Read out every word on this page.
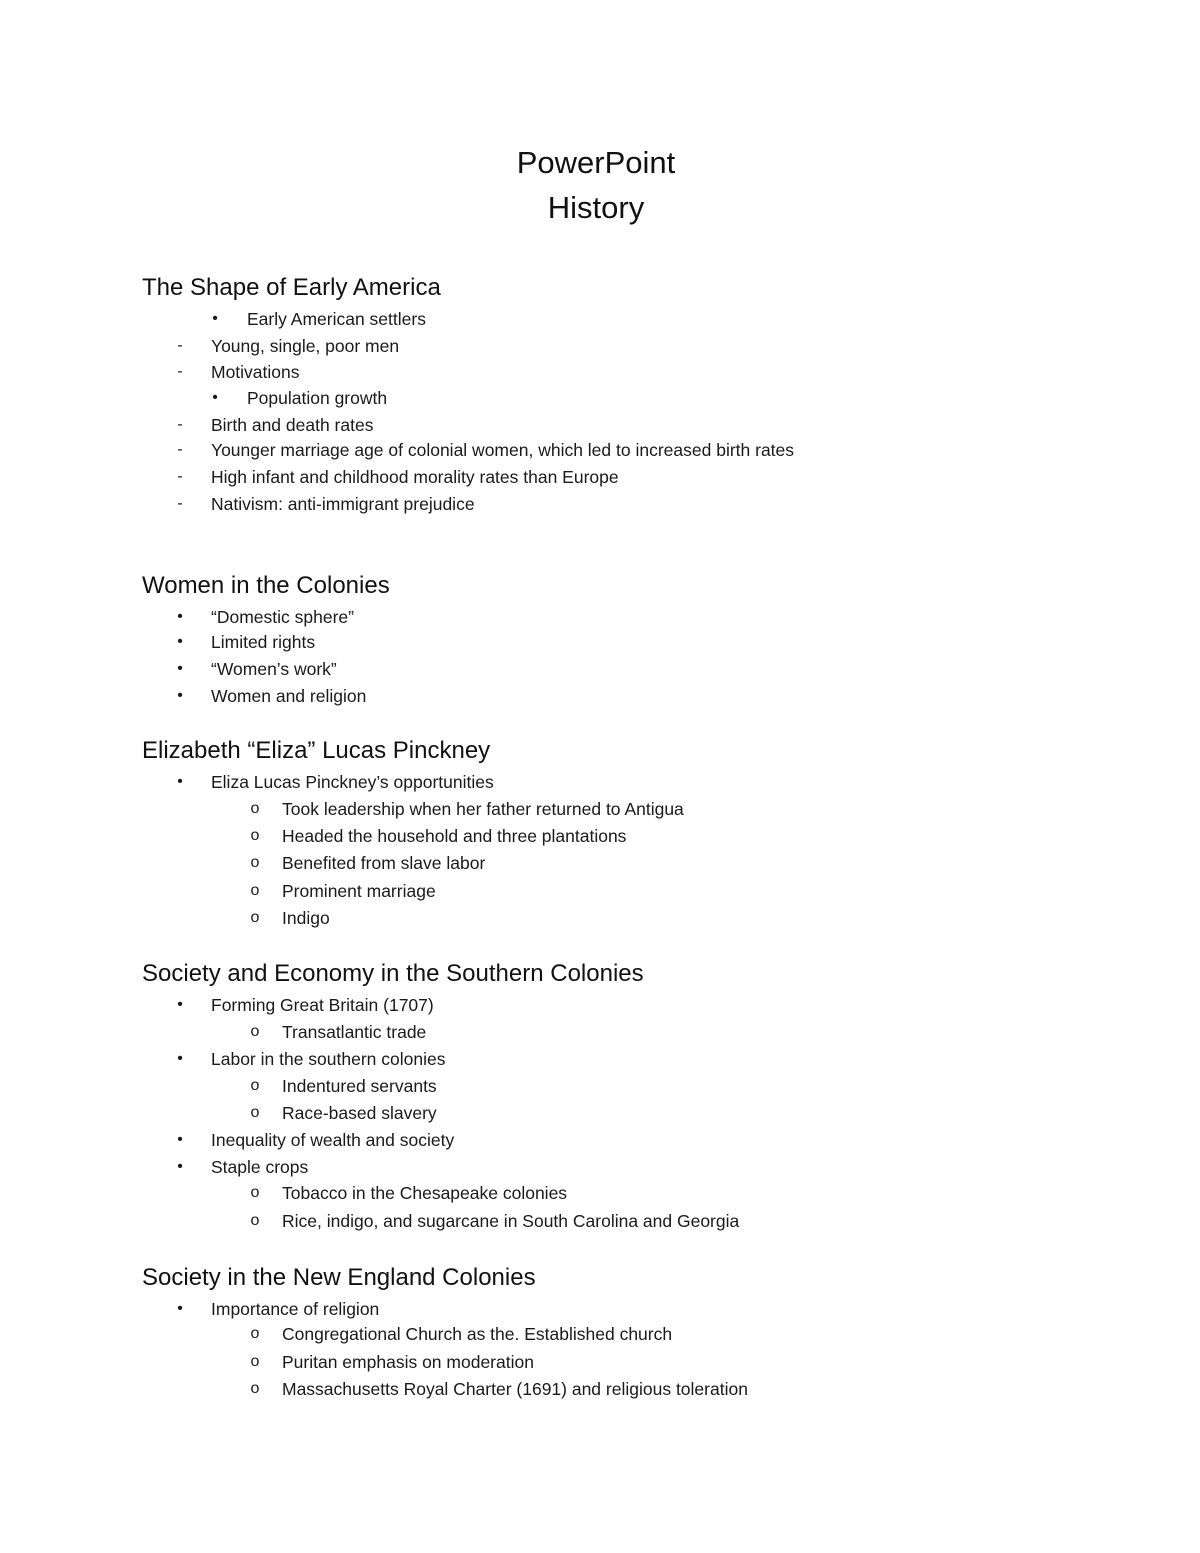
PowerPoint
History
The Shape of Early America
•	Early American settlers
-	Young, single, poor men
-	Motivations
•	Population growth
-	Birth and death rates
-	Younger marriage age of colonial women, which led to increased birth rates
-	High infant and childhood morality rates than Europe
-	Nativism: anti-immigrant prejudice
Women in the Colonies
•	“Domestic sphere”
•	Limited rights
•	“Women’s work”
•	Women and religion
Elizabeth “Eliza” Lucas Pinckney
•	Eliza Lucas Pinckney’s opportunities
o	Took leadership when her father returned to Antigua
o	Headed the household and three plantations
o	Benefited from slave labor
o	Prominent marriage
o	Indigo
Society and Economy in the Southern Colonies
•	Forming Great Britain (1707)
o	Transatlantic trade
•	Labor in the southern colonies
o	Indentured servants
o	Race-based slavery
•	Inequality of wealth and society
•	Staple crops
o	Tobacco in the Chesapeake colonies
o	Rice, indigo, and sugarcane in South Carolina and Georgia
Society in the New England Colonies
•	Importance of religion
o	Congregational Church as the. Established church
o	Puritan emphasis on moderation
o	Massachusetts Royal Charter (1691) and religious toleration
